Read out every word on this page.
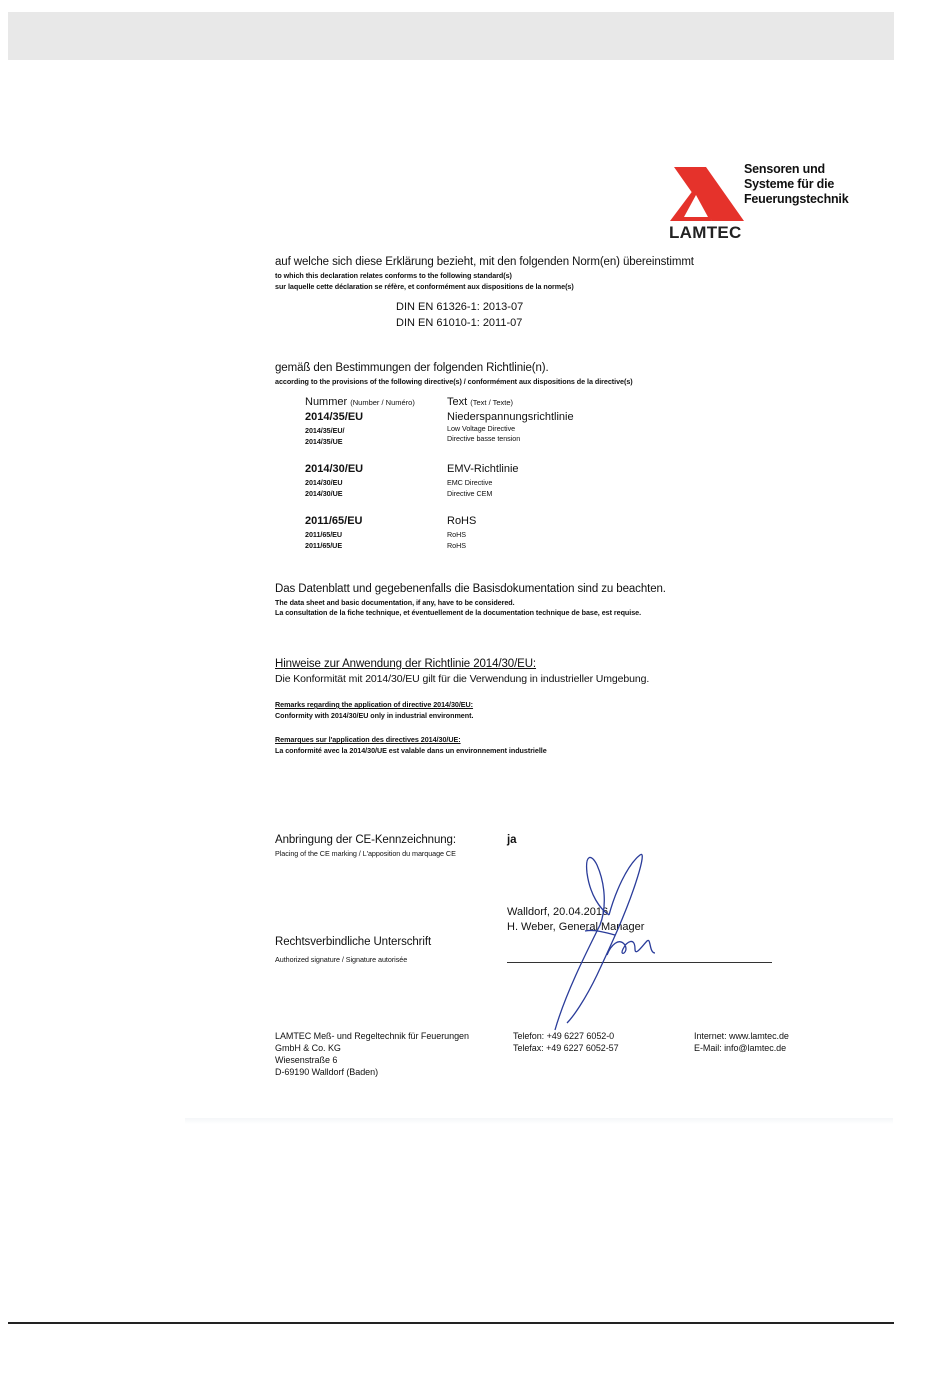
LAMTEC
Sensoren und
Systeme für die
Feuerungstechnik
auf welche sich diese Erklärung bezieht, mit den folgenden Norm(en) übereinstimmt
to which this declaration relates conforms to the following standard(s)
sur laquelle cette déclaration se réfère, et conformément aux dispositions de la norme(s)
DIN EN 61326-1: 2013-07
DIN EN 61010-1: 2011-07
gemäß den Bestimmungen der folgenden Richtlinie(n).
according to the provisions of the following directive(s) / conformément aux dispositions de la directive(s)
Nummer (Number / Numéro)	Text (Text / Texte)
2014/35/EU
2014/35/EU/
2014/35/UE
Niederspannungsrichtlinie
Low Voltage Directive
Directive basse tension
2014/30/EU
2014/30/EU
2014/30/UE
EMV-Richtlinie
EMC Directive
Directive CEM
2011/65/EU
2011/65/EU
2011/65/UE
RoHS
RoHS
RoHS
Das Datenblatt und gegebenenfalls die Basisdokumentation sind zu beachten.
The data sheet and basic documentation, if any, have to be considered.
La consultation de la fiche technique, et éventuellement de la documentation technique de base, est requise.
Hinweise zur Anwendung der Richtlinie 2014/30/EU:
Die Konformität mit 2014/30/EU gilt für die Verwendung in industrieller Umgebung.
Remarks regarding the application of directive 2014/30/EU:
Conformity with 2014/30/EU only in industrial environment.
Remarques sur l'application des directives 2014/30/UE:
La conformité avec la 2014/30/UE est valable dans un environnement industrielle
Anbringung der CE-Kennzeichnung:	ja
Placing of the CE marking / L'apposition du marquage CE
Walldorf, 20.04.2016
H. Weber, General Manager
Rechtsverbindliche Unterschrift
Authorized signature / Signature autorisée
LAMTEC Meß- und Regeltechnik für Feuerungen
GmbH & Co. KG
Wiesenstraße 6
D-69190 Walldorf (Baden)
Telefon: +49 6227 6052-0
Telefax: +49 6227 6052-57
Internet: www.lamtec.de
E-Mail: info@lamtec.de
